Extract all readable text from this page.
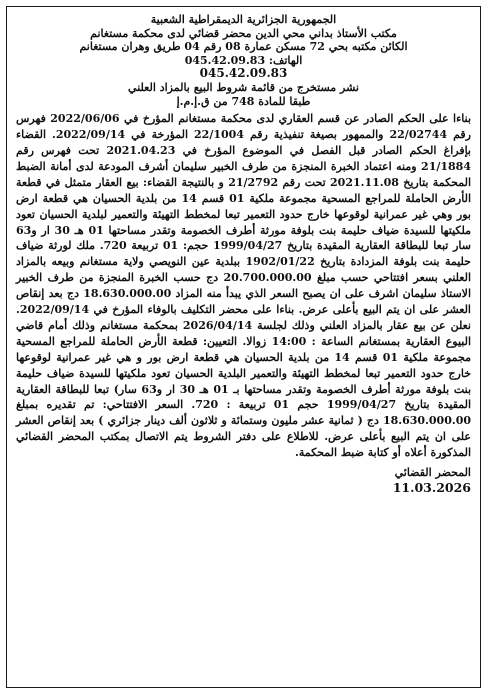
الجمهورية الجزائرية الديمقراطية الشعبية
مكتب الأستاذ بداني محي الدين محضر قضائي لدى محكمة مستغانم
الكائن مكتبه بحي 72 مسكن عمارة 08 رقم 04 طريق وهران مستغانم
الهاتف: 045.42.09.83
045.42.09.83
نشر مستخرج من قائمة شروط البيع بالمزاد العلني
طبقا للمادة 748 من ق.إ.م.إ

بناءا على الحكم الصادر عن قسم العقاري لدى محكمة مستغانم المؤرخ في 2022/06/06 فهرس رقم 22/02744 والممهور بصيغة تنفيذية رقم 22/1004 المؤرخة في 2022/09/14. القضاء بإفراغ الحكم الصادر قبل الفصل في الموضوع المؤرخ في 2021.04.23 تحت فهرس رقم 21/1884 ومنه اعتماد الخبرة المنجزة من طرف الخبير سليمان أشرف المودعة لدى أمانة الضبط المحكمة بتاريخ 2021.11.08 تحت رقم 21/2792 و بالنتيجة القضاء: بيع العقار متمثل في قطعة الأرض الحاملة للمراجع المسحية مجموعة ملكية 01 قسم 14 من بلدية الحسيان هي قطعة ارض بور وهي غير عمرانية لوقوعها خارج حدود التعمير تبعا لمخطط التهيئة والتعمير لبلدية الحسيان تعود ملكيتها للسيدة ضياف حليمة بنت بلوفة مورثة أطرف الخصومة وتقدر مساحتها 01 هـ 30 ار و63 سار تبعا للبطاقة العقارية المقيدة بتاريخ 1999/04/27 حجم: 01 تربيعة 720. ملك لورثة ضياف حليمة بنت بلوفة المزدادة بتاريخ 1902/01/22 ببلدية عين النويصي ولاية مستغانم وبيعه بالمزاد العلني بسعر افتتاحي حسب مبلغ 20.700.000.00 دج حسب الخبرة المنجزة من طرف الخبير الاستاذ سليمان اشرف على ان يصبح السعر الذي يبدأ منه المزاد 18.630.000.00 دج بعد إنقاص العشر على ان يتم البيع بأعلى عرض. بناءا على محضر التكليف بالوفاء المؤرخ في 2022/09/14. نعلن عن بيع عقار بالمزاد العلني وذلك لجلسة 2026/04/14 بمحكمة مستغانم وذلك أمام قاضي البيوع العقارية بمستغانم الساعة : 14:00 زوالا. التعيين: قطعة الأرض الحاملة للمراجع المسحية مجموعة ملكية 01 قسم 14 من بلدية الحسيان هي قطعة ارض بور و هي غير عمرانية لوقوعها خارج حدود التعمير تبعا لمخطط التهيئة والتعمير البلدية الحسيان تعود ملكيتها للسيدة ضياف حليمة بنت بلوفة مورثة أطرف الخصومة وتقدر مساحتها بـ 01 هـ 30 ار و63 سار) تبعا للبطاقة العقارية المقيدة بتاريخ 1999/04/27 حجم 01 تربيعة : 720. السعر الافتتاحي: تم تقديره بمبلغ 18.630.000.00 دج ( ثمانية عشر مليون وستمائة و ثلاثون ألف دينار جزائري ) بعد إنقاص العشر على ان يتم البيع بأعلى عرض. للاطلاع على دفتر الشروط يتم الاتصال بمكتب المحضر القضائي المذكورة أعلاه أو كتابة ضبط المحكمة.

المحضر القضائي
11.03.2026
